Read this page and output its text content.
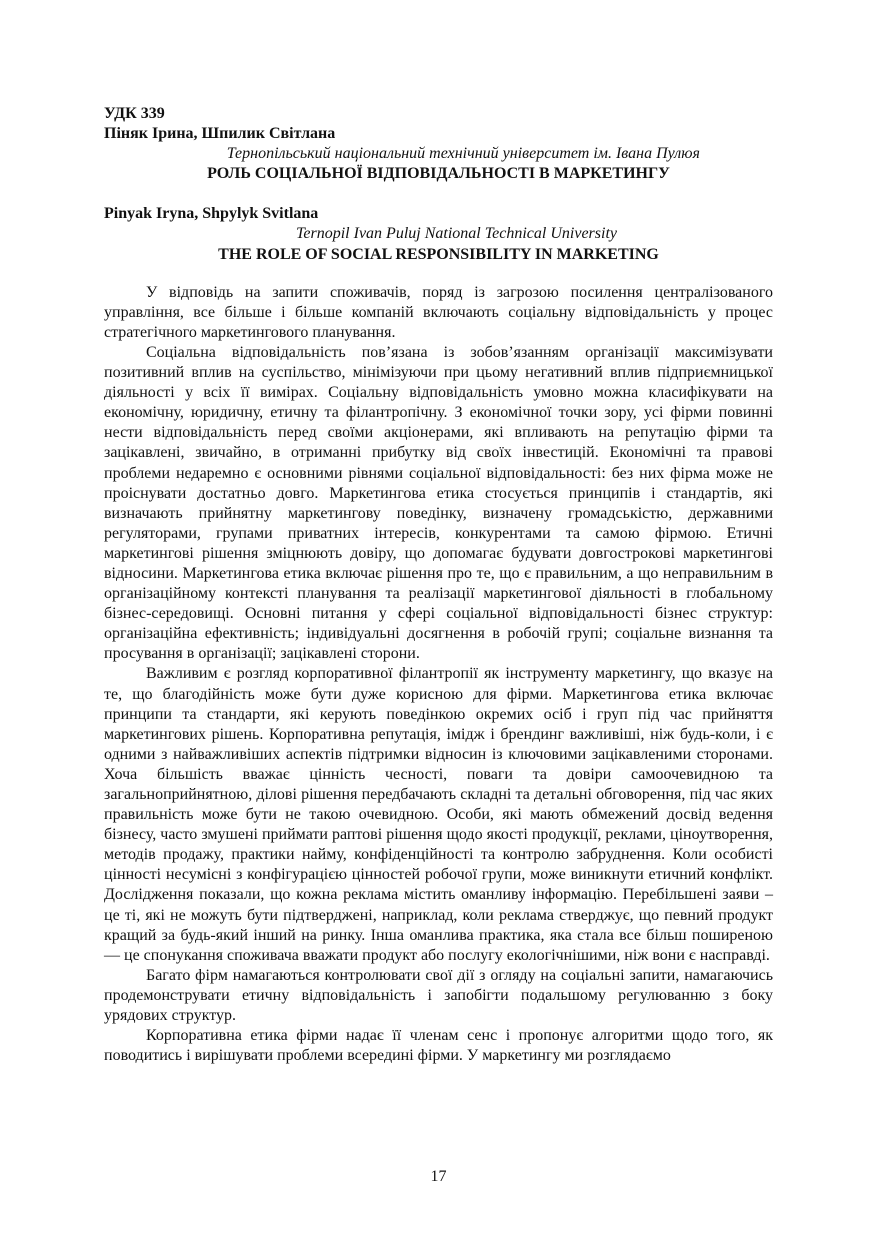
УДК 339

Пiняк Iрина, Шпилик Свiтлана

Тернопільський національний технічний університет ім. Івана Пулюя

РОЛЬ СОЦІАЛЬНОЇ ВІДПОВІДАЛЬНОСТІ В МАРКЕТИНГУ

Pinyak Iryna, Shpylyk Svitlana

Ternopil Ivan Puluj National Technical University

THE ROLE OF SOCIAL RESPONSIBILITY IN MARKETING

У відповідь на запити споживачів, поряд із загрозою посилення централізованого управління, все більше і більше компаній включають соціальну відповідальність у процес стратегічного маркетингового планування.

Соціальна відповідальність пов’язана із зобов’язанням організації максимізувати позитивний вплив на суспільство, мінімізуючи при цьому негативний вплив підприємницької діяльності у всіх її вимірах. Соціальну відповідальність умовно можна класифікувати на економічну, юридичну, етичну та філантропічну. З економічної точки зору, усі фірми повинні нести відповідальність перед своїми акціонерами, які впливають на репутацію фірми та зацікавлені, звичайно, в отриманні прибутку від своїх інвестицій. Економічні та правові проблеми недаремно є основними рівнями соціальної відповідальності: без них фірма може не проіснувати достатньо довго. Маркетингова етика стосується принципів і стандартів, які визначають прийнятну маркетингову поведінку, визначену громадськістю, державними регуляторами, групами приватних інтересів, конкурентами та самою фірмою. Етичні маркетингові рішення зміцнюють довіру, що допомагає будувати довгострокові маркетингові відносини. Маркетингова етика включає рішення про те, що є правильним, а що неправильним в організаційному контексті планування та реалізації маркетингової діяльності в глобальному бізнес-середовищі. Основні питання у сфері соціальної відповідальності бізнес структур: організаційна ефективність; індивідуальні досягнення в робочій групі; соціальне визнання та просування в організації; зацікавлені сторони.

Важливим є розгляд корпоративної філантропії як інструменту маркетингу, що вказує на те, що благодійність може бути дуже корисною для фірми. Маркетингова етика включає принципи та стандарти, які керують поведінкою окремих осіб і груп під час прийняття маркетингових рішень. Корпоративна репутація, імідж і брендинг важливіші, ніж будь-коли, і є одними з найважливіших аспектів підтримки відносин із ключовими зацікавленими сторонами. Хоча більшість вважає цінність чесності, поваги та довіри самоочевидною та загальноприйнятною, ділові рішення передбачають складні та детальні обговорення, під час яких правильність може бути не такою очевидною. Особи, які мають обмежений досвід ведення бізнесу, часто змушені приймати раптові рішення щодо якості продукції, реклами, ціноутворення, методів продажу, практики найму, конфіденційності та контролю забруднення. Коли особисті цінності несумісні з конфігурацією цінностей робочої групи, може виникнути етичний конфлікт. Дослідження показали, що кожна реклама містить оманливу інформацію. Перебільшені заяви – це ті, які не можуть бути підтверджені, наприклад, коли реклама стверджує, що певний продукт кращий за будь-який інший на ринку. Інша оманлива практика, яка стала все більш поширеною — це спонукання споживача вважати продукт або послугу екологічнішими, ніж вони є насправді.

Багато фірм намагаються контролювати свої дії з огляду на соціальні запити, намагаючись продемонструвати етичну відповідальність і запобігти подальшому регулюванню з боку урядових структур.

Корпоративна етика фірми надає її членам сенс і пропонує алгоритми щодо того, як поводитись і вирішувати проблеми всередині фірми. У маркетингу ми розглядаємо

17
